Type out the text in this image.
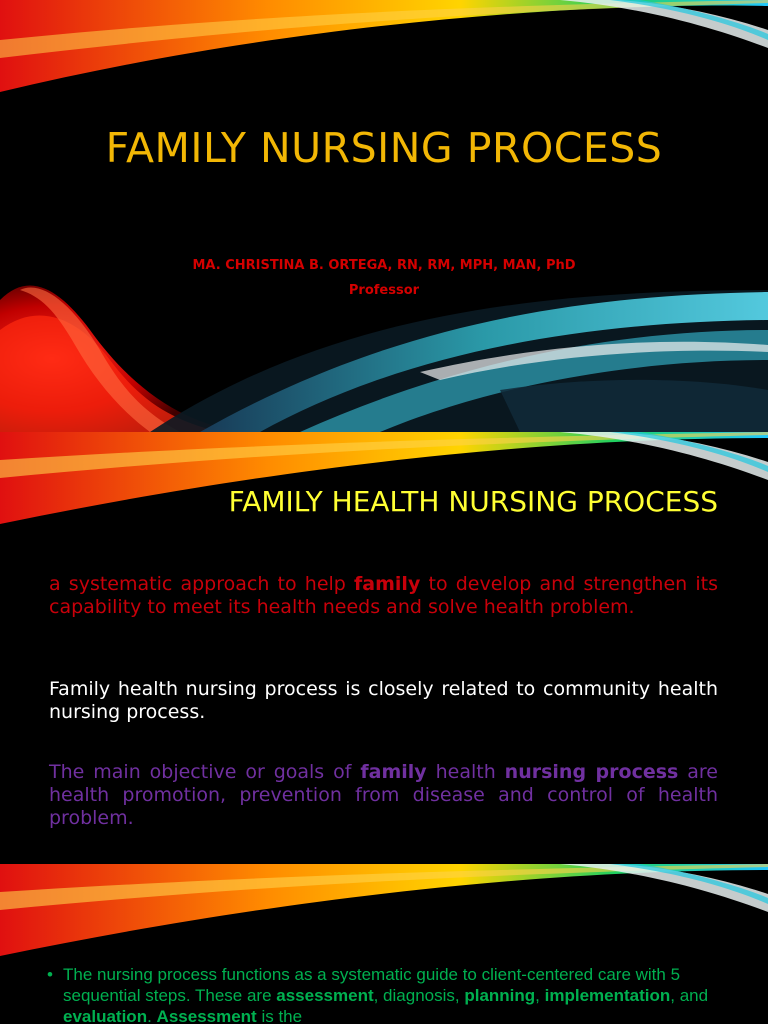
FAMILY NURSING PROCESS
MA. CHRISTINA B. ORTEGA, RN, RM, MPH, MAN, PhD
Professor
FAMILY HEALTH NURSING PROCESS

a systematic approach to help family to develop and strengthen its capability to meet its health needs and solve health problem.

Family health nursing process is closely related to community health nursing process.

The main objective or goals of family health nursing process are health promotion, prevention from disease and control of health problem.

• The nursing process functions as a systematic guide to client-centered care with 5 sequential steps. These are assessment, diagnosis, planning, implementation, and evaluation. Assessment is the
